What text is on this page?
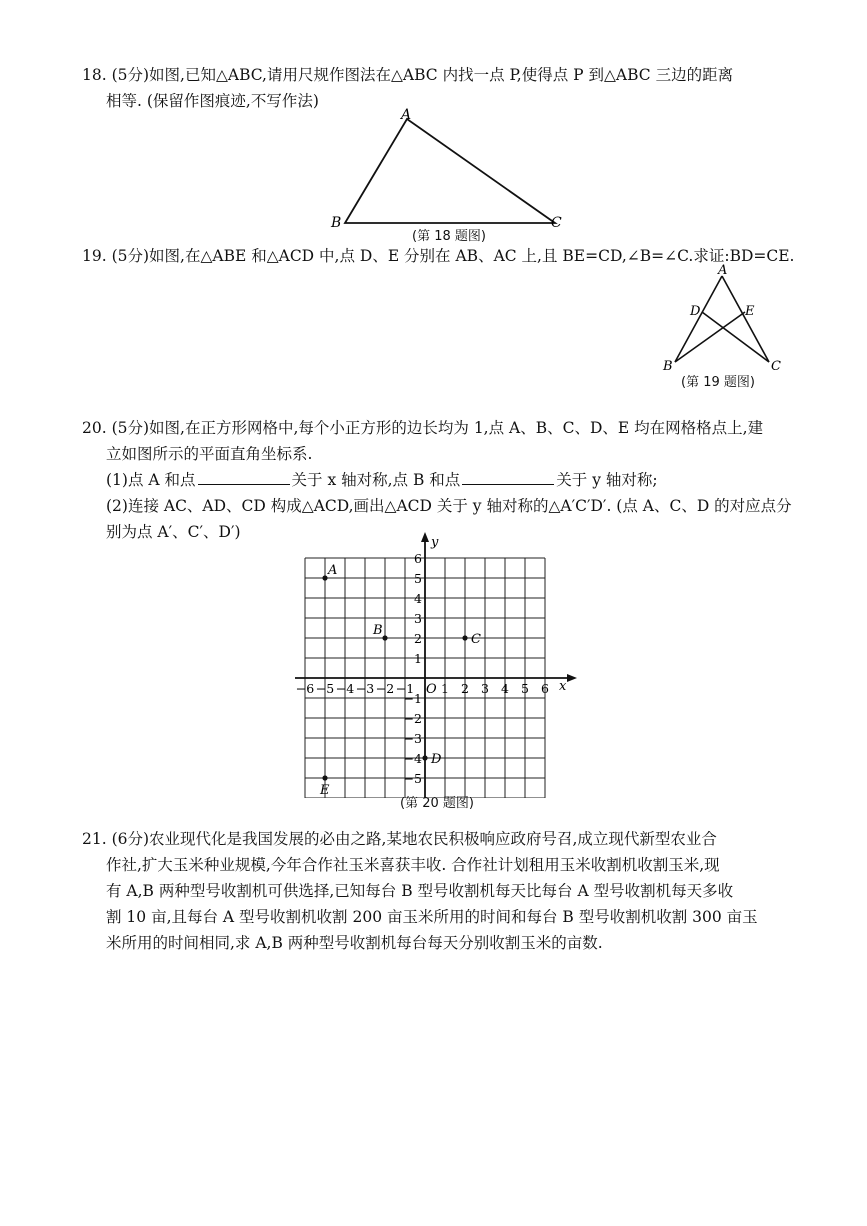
18. (5分)如图,已知△ABC,请用尺规作图法在△ABC 内找一点 P,使得点 P 到△ABC 三边的距离
相等. (保留作图痕迹,不写作法)
A
B	C
(第 18 题图)
19. (5分)如图,在△ABE 和△ACD 中,点 D、E 分别在 AB、AC 上,且 BE=CD,∠B=∠C.求证:BD=CE.
A
D	E
B	C
(第 19 题图)
20. (5分)如图,在正方形网格中,每个小正方形的边长均为 1,点 A、B、C、D、E 均在网格格点上,建
立如图所示的平面直角坐标系.
(1)点 A 和点	关于 x 轴对称,点 B 和点	关于 y 轴对称;
(2)连接 AC、AD、CD 构成△ACD,画出△ACD 关于 y 轴对称的△A′C′D′. (点 A、C、D 的对应点分
别为点 A′、C′、D′)
x
y
O
−6 −5 −4 −3 −2 −1 1 2 3 4 5 6
6
5
4
3
2
1
−1
−2
−3
−4
−5
A
B
C
D
E
(第 20 题图)
21. (6分)农业现代化是我国发展的必由之路,某地农民积极响应政府号召,成立现代新型农业合
作社,扩大玉米种业规模,今年合作社玉米喜获丰收. 合作社计划租用玉米收割机收割玉米,现
有 A,B 两种型号收割机可供选择,已知每台 B 型号收割机每天比每台 A 型号收割机每天多收
割 10 亩,且每台 A 型号收割机收割 200 亩玉米所用的时间和每台 B 型号收割机收割 300 亩玉
米所用的时间相同,求 A,B 两种型号收割机每台每天分别收割玉米的亩数.
